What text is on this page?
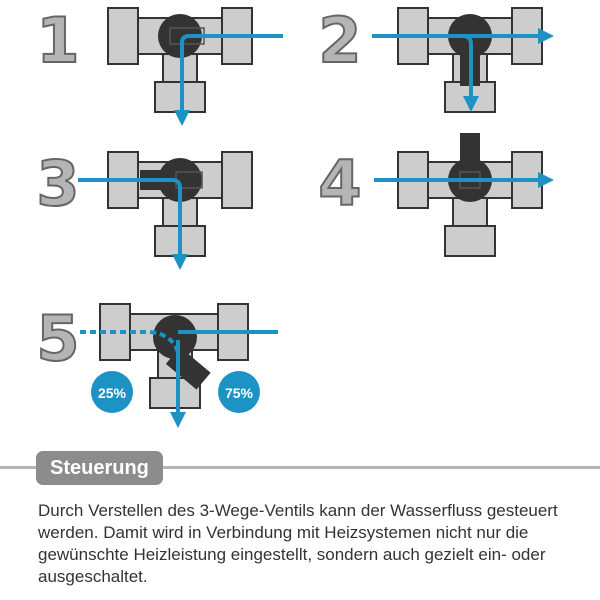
1	2
3	4
5
25%	75%
Steuerung

Durch Verstellen des 3-Wege-Ventils kann der Wasserfluss gesteuert werden. Damit wird in Verbindung mit Heizsystemen nicht nur die gewünschte Heizleistung eingestellt, sondern auch gezielt ein- oder ausgeschaltet.
